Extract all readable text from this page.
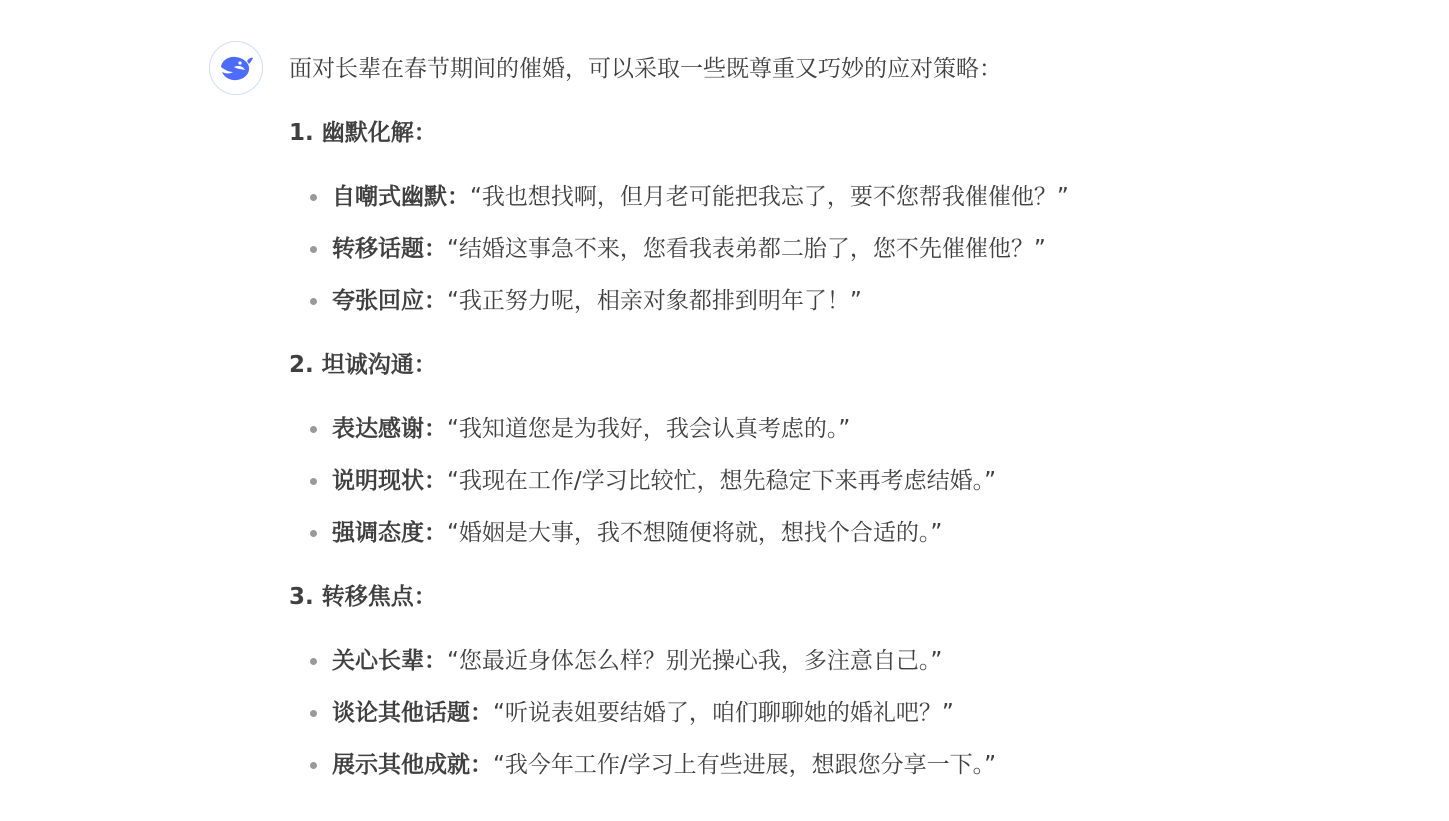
面对长辈在春节期间的催婚，可以采取一些既尊重又巧妙的应对策略：

1. 幽默化解：
自嘲式幽默：“我也想找啊，但月老可能把我忘了，要不您帮我催催他？”
转移话题：“结婚这事急不来，您看我表弟都二胎了，您不先催催他？”
夸张回应：“我正努力呢，相亲对象都排到明年了！”
2. 坦诚沟通：
表达感谢：“我知道您是为我好，我会认真考虑的。”
说明现状：“我现在工作/学习比较忙，想先稳定下来再考虑结婚。”
强调态度：“婚姻是大事，我不想随便将就，想找个合适的。”
3. 转移焦点：
关心长辈：“您最近身体怎么样？别光操心我，多注意自己。”
谈论其他话题：“听说表姐要结婚了，咱们聊聊她的婚礼吧？”
展示其他成就：“我今年工作/学习上有些进展，想跟您分享一下。”
